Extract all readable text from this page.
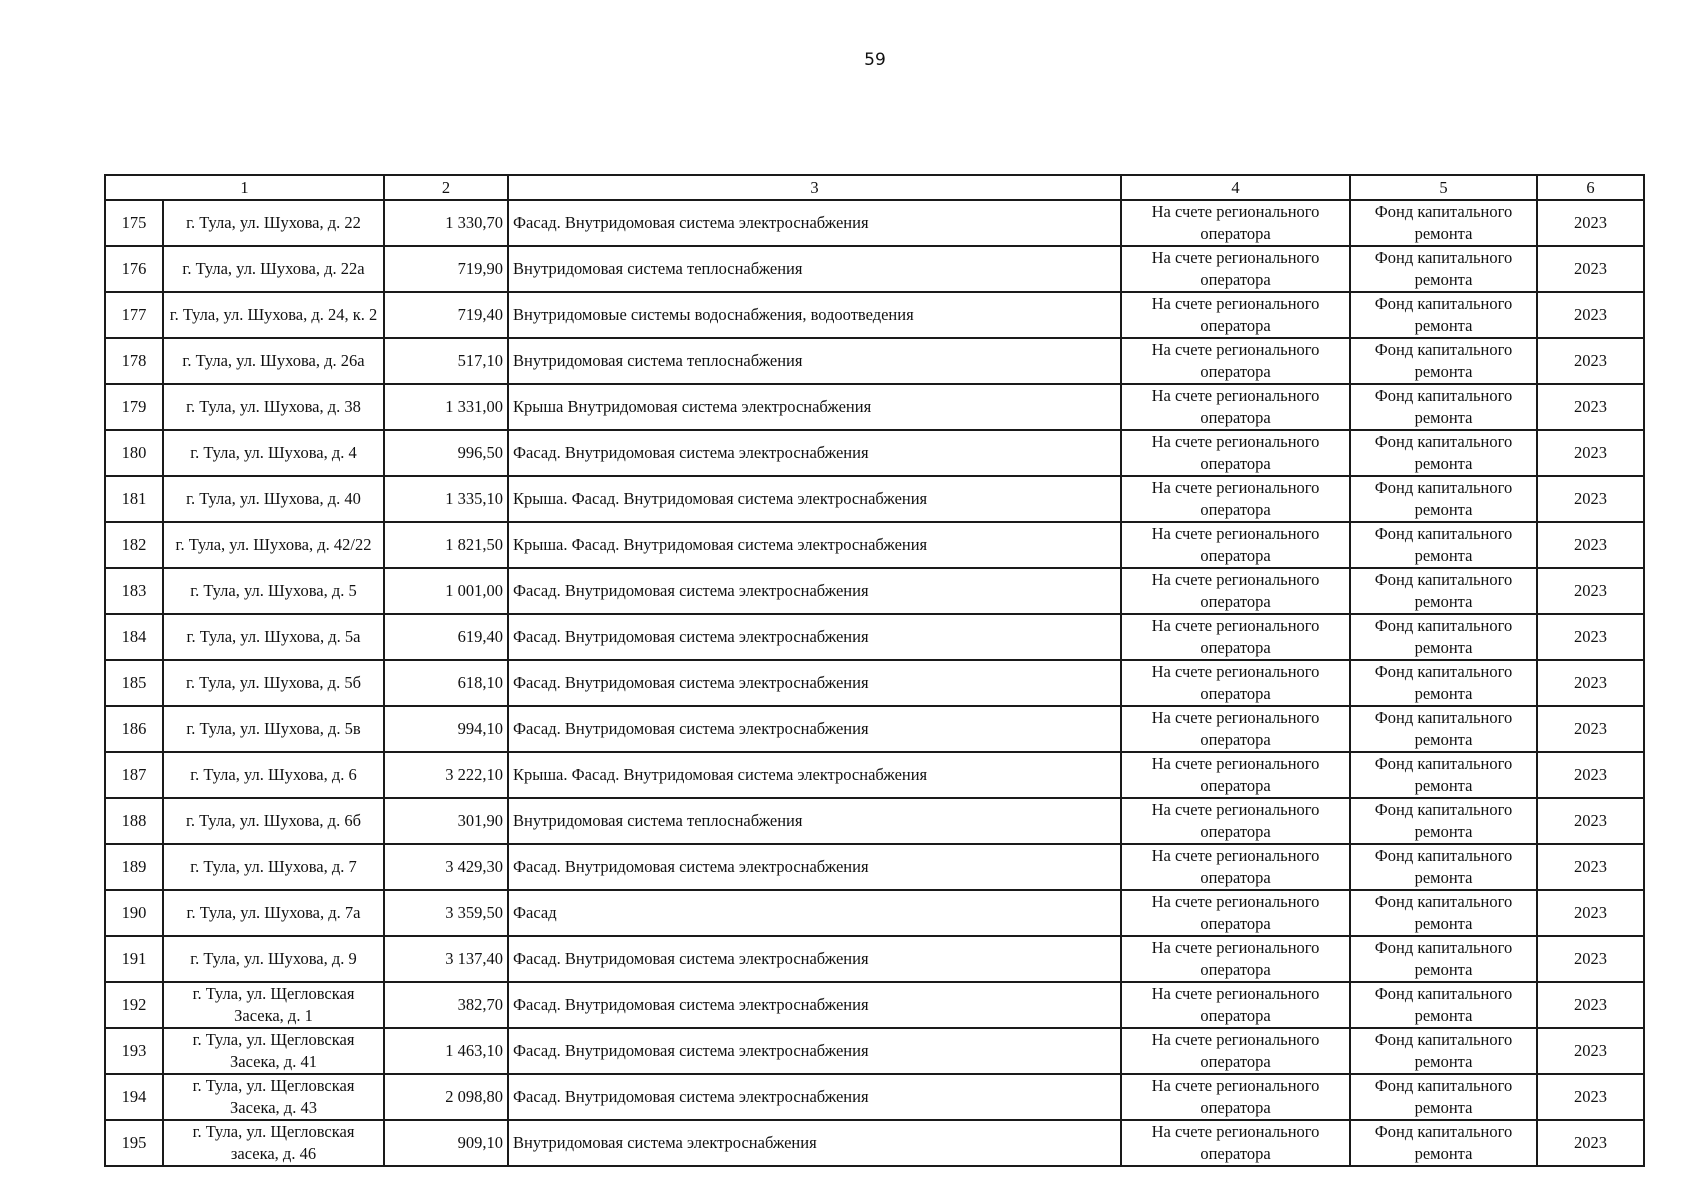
59
1		2	3	4	5	6
175	г. Тула, ул. Шухова, д. 22	1 330,70	Фасад. Внутридомовая система электроснабжения	На счете регионального оператора	Фонд капитального ремонта	2023
176	г. Тула, ул. Шухова, д. 22а	719,90	Внутридомовая система теплоснабжения	На счете регионального оператора	Фонд капитального ремонта	2023
177	г. Тула, ул. Шухова, д. 24, к. 2	719,40	Внутридомовые системы водоснабжения, водоотведения	На счете регионального оператора	Фонд капитального ремонта	2023
178	г. Тула, ул. Шухова, д. 26а	517,10	Внутридомовая система теплоснабжения	На счете регионального оператора	Фонд капитального ремонта	2023
179	г. Тула, ул. Шухова, д. 38	1 331,00	Крыша Внутридомовая система электроснабжения	На счете регионального оператора	Фонд капитального ремонта	2023
180	г. Тула, ул. Шухова, д. 4	996,50	Фасад. Внутридомовая система электроснабжения	На счете регионального оператора	Фонд капитального ремонта	2023
181	г. Тула, ул. Шухова, д. 40	1 335,10	Крыша. Фасад. Внутридомовая система электроснабжения	На счете регионального оператора	Фонд капитального ремонта	2023
182	г. Тула, ул. Шухова, д. 42/22	1 821,50	Крыша. Фасад. Внутридомовая система электроснабжения	На счете регионального оператора	Фонд капитального ремонта	2023
183	г. Тула, ул. Шухова, д. 5	1 001,00	Фасад. Внутридомовая система электроснабжения	На счете регионального оператора	Фонд капитального ремонта	2023
184	г. Тула, ул. Шухова, д. 5а	619,40	Фасад. Внутридомовая система электроснабжения	На счете регионального оператора	Фонд капитального ремонта	2023
185	г. Тула, ул. Шухова, д. 5б	618,10	Фасад. Внутридомовая система электроснабжения	На счете регионального оператора	Фонд капитального ремонта	2023
186	г. Тула, ул. Шухова, д. 5в	994,10	Фасад. Внутридомовая система электроснабжения	На счете регионального оператора	Фонд капитального ремонта	2023
187	г. Тула, ул. Шухова, д. 6	3 222,10	Крыша. Фасад. Внутридомовая система электроснабжения	На счете регионального оператора	Фонд капитального ремонта	2023
188	г. Тула, ул. Шухова, д. 6б	301,90	Внутридомовая система теплоснабжения	На счете регионального оператора	Фонд капитального ремонта	2023
189	г. Тула, ул. Шухова, д. 7	3 429,30	Фасад. Внутридомовая система электроснабжения	На счете регионального оператора	Фонд капитального ремонта	2023
190	г. Тула, ул. Шухова, д. 7а	3 359,50	Фасад	На счете регионального оператора	Фонд капитального ремонта	2023
191	г. Тула, ул. Шухова, д. 9	3 137,40	Фасад. Внутридомовая система электроснабжения	На счете регионального оператора	Фонд капитального ремонта	2023
192	г. Тула, ул. Щегловская Засека, д. 1	382,70	Фасад. Внутридомовая система электроснабжения	На счете регионального оператора	Фонд капитального ремонта	2023
193	г. Тула, ул. Щегловская Засека, д. 41	1 463,10	Фасад. Внутридомовая система электроснабжения	На счете регионального оператора	Фонд капитального ремонта	2023
194	г. Тула, ул. Щегловская Засека, д. 43	2 098,80	Фасад. Внутридомовая система электроснабжения	На счете регионального оператора	Фонд капитального ремонта	2023
195	г. Тула, ул. Щегловская засека, д. 46	909,10	Внутридомовая система электроснабжения	На счете регионального оператора	Фонд капитального ремонта	2023
